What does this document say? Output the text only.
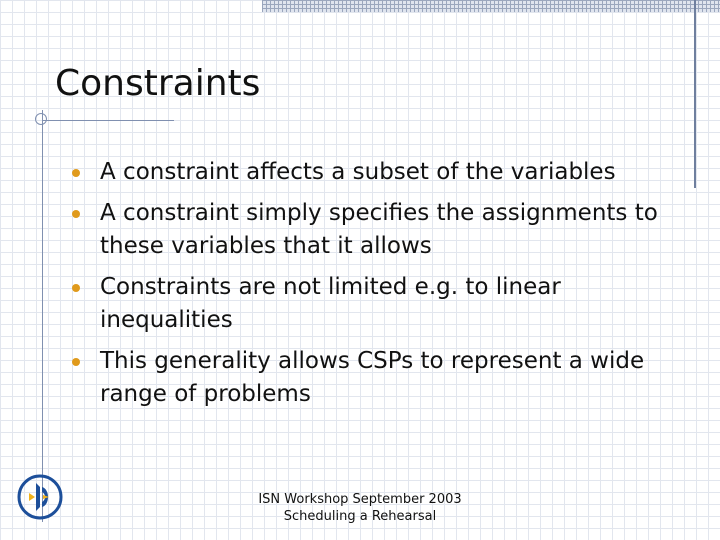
Constraints
A constraint affects a subset of the variables
A constraint simply specifies the assignments to these variables that it allows
Constraints are not limited e.g. to linear inequalities
This generality allows CSPs to represent a wide range of problems
ISN Workshop September 2003
Scheduling a Rehearsal
